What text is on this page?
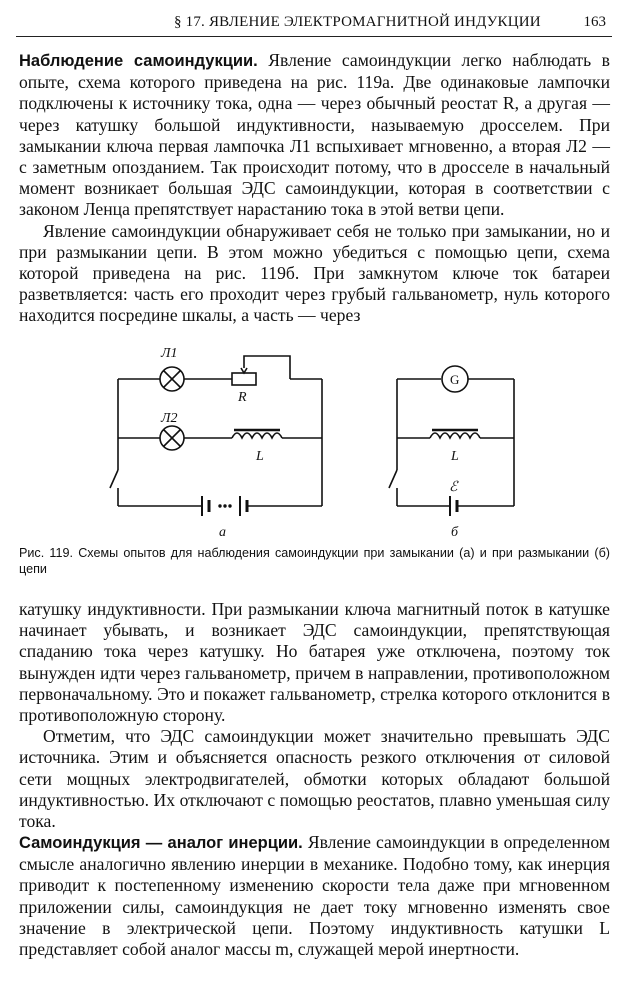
§ 17. ЯВЛЕНИЕ ЭЛЕКТРОМАГНИТНОЙ ИНДУКЦИИ	163

Наблюдение самоиндукции. Явление самоиндукции легко наблюдать в опыте, схема которого приведена на рис. 119а. Две одинаковые лампочки подключены к источнику тока, одна — через обычный реостат R, а другая — через катушку большой индуктивности, называемую дросселем. При замыкании ключа первая лампочка Л1 вспыхивает мгновенно, а вторая Л2 — с заметным опозданием. Так происходит потому, что в дросселе в начальный момент возникает большая ЭДС самоиндукции, которая в соответствии с законом Ленца препятствует нарастанию тока в этой ветви цепи.

Явление самоиндукции обнаруживает себя не только при замыкании, но и при размыкании цепи. В этом можно убедиться с помощью цепи, схема которой приведена на рис. 119б. При замкнутом ключе ток батареи разветвляется: часть его проходит через грубый гальванометр, нуль которого находится посредине шкалы, а часть — через

Л1
Л2
R
L
G
L
ℰ
а	б
Рис. 119. Схемы опытов для наблюдения самоиндукции при замыкании (а) и при размыкании (б) цепи

катушку индуктивности. При размыкании ключа магнитный поток в катушке начинает убывать, и возникает ЭДС самоиндукции, препятствующая спаданию тока через катушку. Но батарея уже отключена, поэтому ток вынужден идти через гальванометр, причем в направлении, противоположном первоначальному. Это и покажет гальванометр, стрелка которого отклонится в противоположную сторону.

Отметим, что ЭДС самоиндукции может значительно превышать ЭДС источника. Этим и объясняется опасность резкого отключения от силовой сети мощных электродвигателей, обмотки которых обладают большой индуктивностью. Их отключают с помощью реостатов, плавно уменьшая силу тока.

Самоиндукция — аналог инерции. Явление самоиндукции в определенном смысле аналогично явлению инерции в механике. Подобно тому, как инерция приводит к постепенному изменению скорости тела даже при мгновенном приложении силы, самоиндукция не дает току мгновенно изменять свое значение в электрической цепи. Поэтому индуктивность катушки L представляет собой аналог массы m, служащей мерой инертности.
